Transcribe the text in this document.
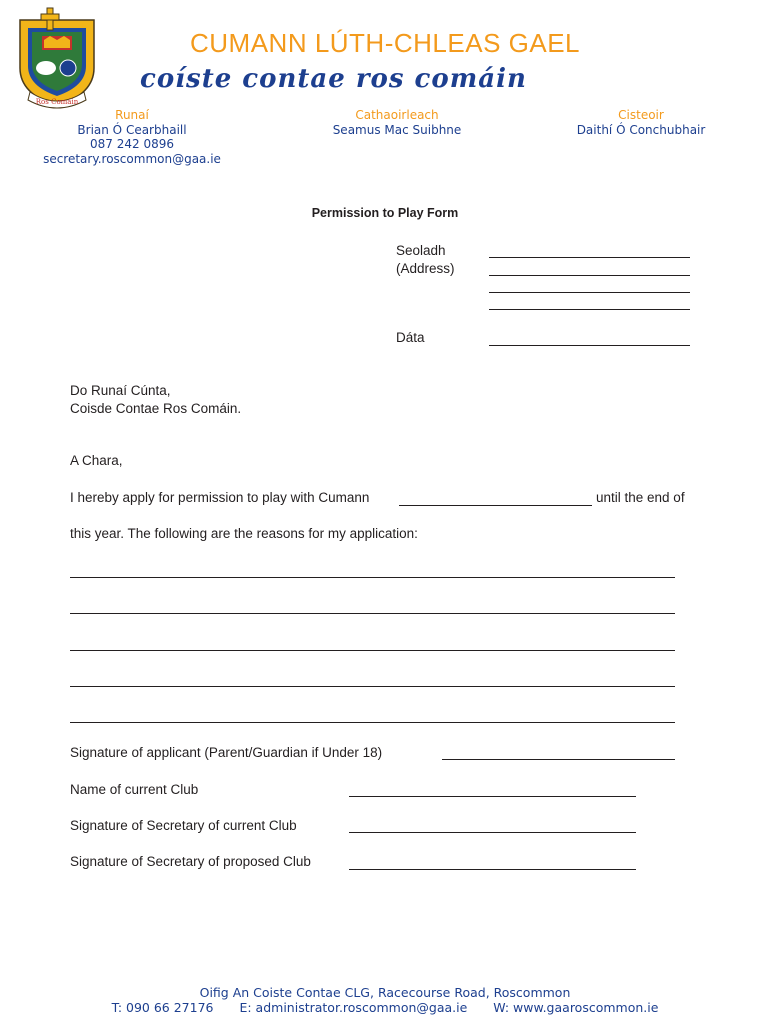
Ros Comáin
CUMANN LÚTH-CHLEAS GAEL
coíste contae ros comáin
Runaí
Brian Ó Cearbhaill
087 242 0896
secretary.roscommon@gaa.ie
Cathaoirleach
Seamus Mac Suibhne
Cisteoir
Daithí Ó Conchubhair
Permission to Play Form
Seoladh
(Address)
Dáta
Do Runaí Cúnta,
Coisde Contae Ros Comáin.
A Chara,
I hereby apply for permission to play with Cumann	until the end of
this year. The following are the reasons for my application:
Signature of applicant (Parent/Guardian if Under 18)
Name of current Club
Signature of Secretary of current Club
Signature of Secretary of proposed Club
Oifig An Coiste Contae CLG, Racecourse Road, Roscommon
T: 090 66 27176 E: administrator.roscommon@gaa.ie W: www.gaaroscommon.ie
